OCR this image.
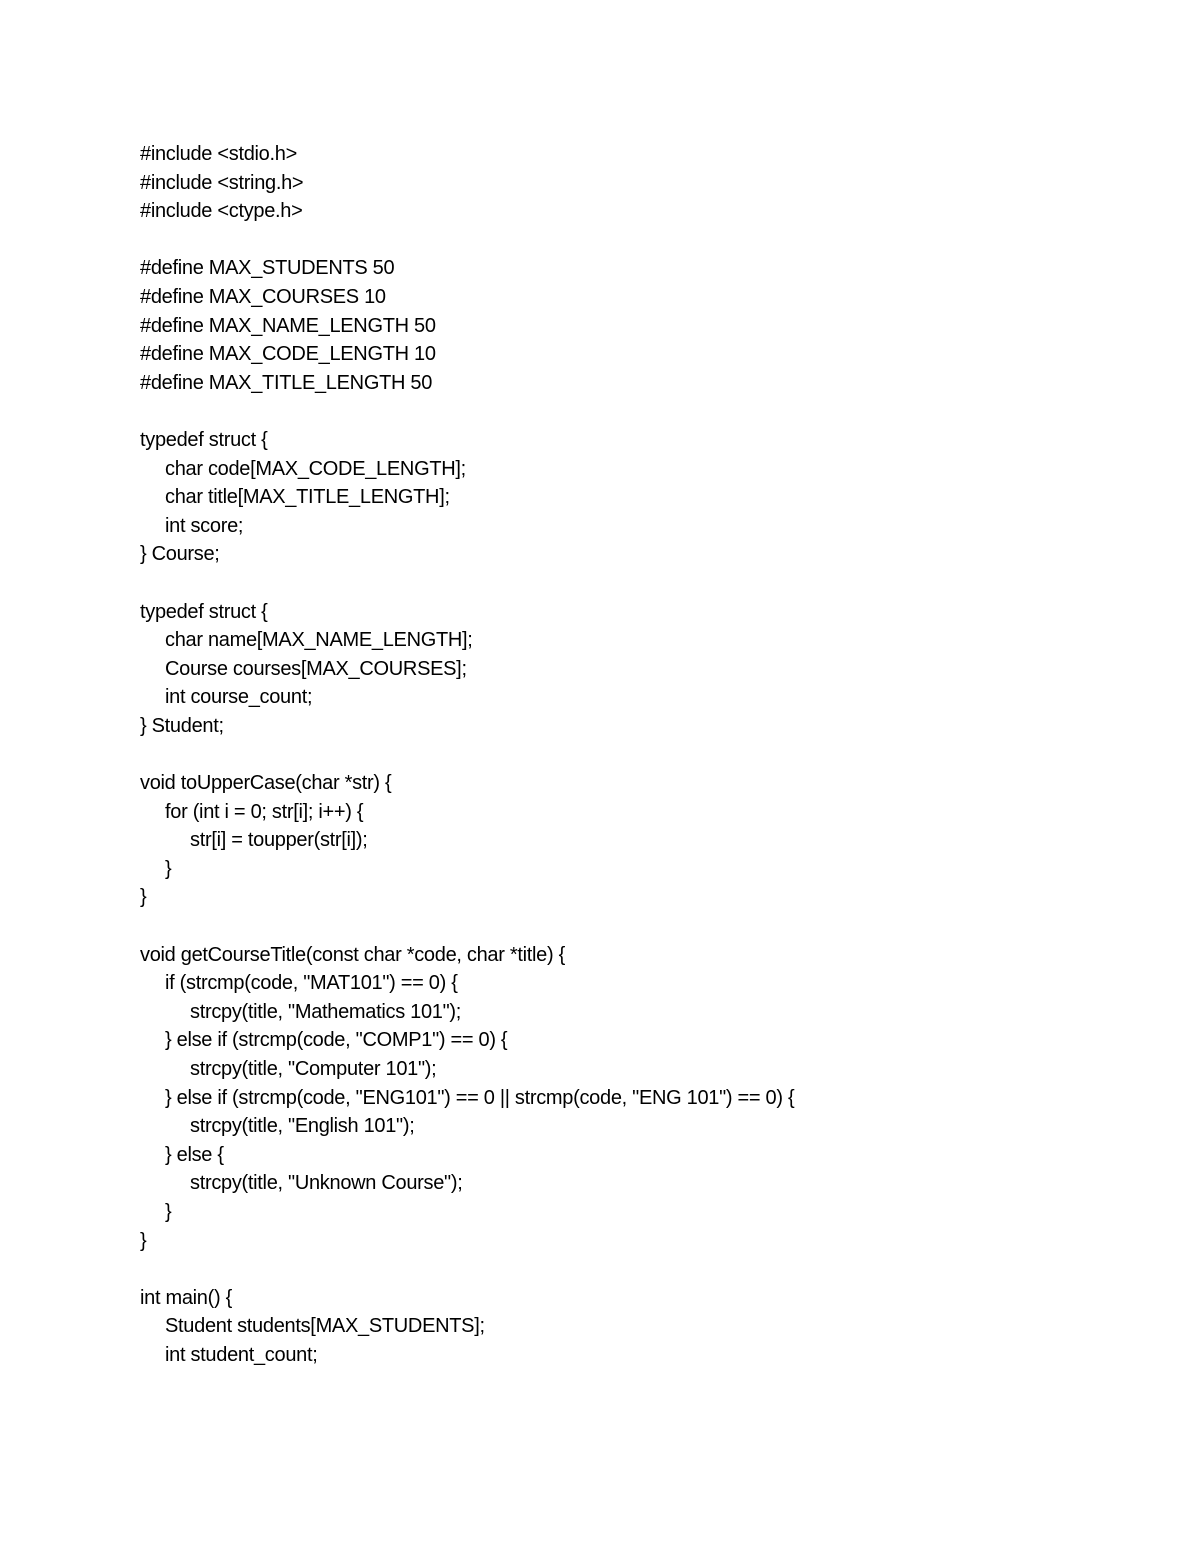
#include <stdio.h>
#include <string.h>
#include <ctype.h>
#define MAX_STUDENTS 50
#define MAX_COURSES 10
#define MAX_NAME_LENGTH 50
#define MAX_CODE_LENGTH 10
#define MAX_TITLE_LENGTH 50
typedef struct {
char code[MAX_CODE_LENGTH];
char title[MAX_TITLE_LENGTH];
int score;
} Course;
typedef struct {
char name[MAX_NAME_LENGTH];
Course courses[MAX_COURSES];
int course_count;
} Student;
void toUpperCase(char *str) {
for (int i = 0; str[i]; i++) {
str[i] = toupper(str[i]);
}
}
void getCourseTitle(const char *code, char *title) {
if (strcmp(code, "MAT101") == 0) {
strcpy(title, "Mathematics 101");
} else if (strcmp(code, "COMP1") == 0) {
strcpy(title, "Computer 101");
} else if (strcmp(code, "ENG101") == 0 || strcmp(code, "ENG 101") == 0) {
strcpy(title, "English 101");
} else {
strcpy(title, "Unknown Course");
}
}
int main() {
Student students[MAX_STUDENTS];
int student_count;
